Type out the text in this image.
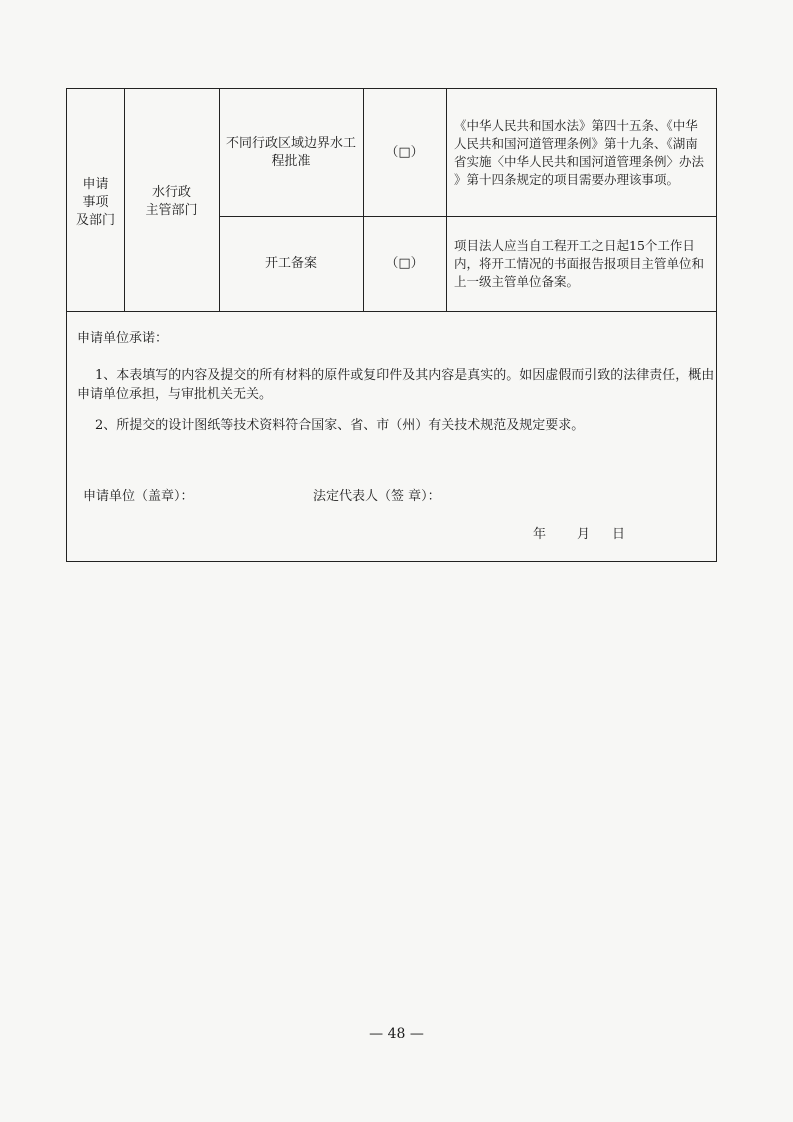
申请
事项
及部门
水行政
主管部门
不同行政区域边界水工
程批准
（□）
《中华人民共和国水法》第四十五条、《中华
人民共和国河道管理条例》第十九条、《湖南
省实施〈中华人民共和国河道管理条例〉办法
》第十四条规定的项目需要办理该事项。
开工备案	（□）
项目法人应当自工程开工之日起15个工作日
内，将开工情况的书面报告报项目主管单位和
上一级主管单位备案。
申请单位承诺：
1、本表填写的内容及提交的所有材料的原件或复印件及其内容是真实的。如因虚假而引致的法律责任，概由
申请单位承担，与审批机关无关。
2、所提交的设计图纸等技术资料符合国家、省、市（州）有关技术规范及规定要求。
申请单位（盖章）：	法定代表人（签 章）：
年 月 日
— 48 —
